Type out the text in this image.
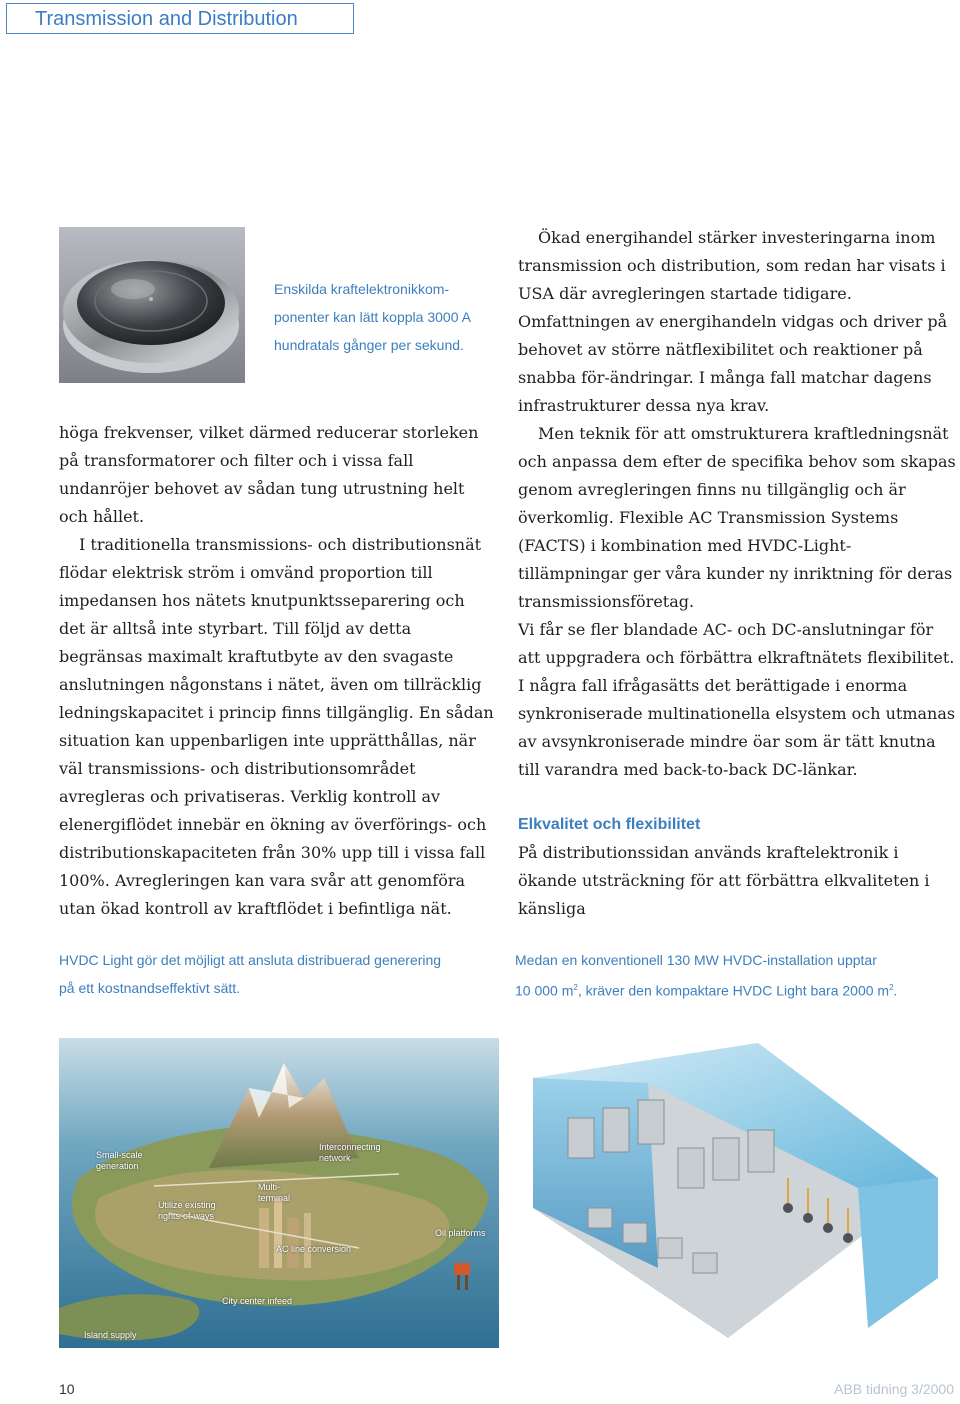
Transmission and Distribution
Enskilda kraftelektronikkom-
ponenter kan lätt koppla 3000 A
hundratals gånger per sekund.

höga frekvenser, vilket därmed reducerar storleken på transformatorer och filter och i vissa fall undanröjer behovet av sådan tung utrustning helt och hållet.

I traditionella transmissions- och distributionsnät flödar elektrisk ström i omvänd proportion till impedansen hos nätets knutpunktsseparering och det är alltså inte styrbart. Till följd av detta begränsas maximalt kraftutbyte av den svagaste anslutningen någonstans i nätet, även om tillräcklig ledningskapacitet i princip finns tillgänglig. En sådan situation kan uppenbarligen inte upprätthållas, när väl transmissions- och distributionsområdet avregleras och privatiseras. Verklig kontroll av elenergiflödet innebär en ökning av överförings- och distributionskapaciteten från 30% upp till i vissa fall 100%. Avregleringen kan vara svår att genomföra utan ökad kontroll av kraftflödet i befintliga nät.

Ökad energihandel stärker investeringarna inom transmission och distribution, som redan har visats i USA där avregleringen startade tidigare. Omfattningen av energihandeln vidgas och driver på behovet av större nätflexibilitet och reaktioner på snabba för-ändringar. I många fall matchar dagens infrastrukturer dessa nya krav.

Men teknik för att omstrukturera kraftledningsnät och anpassa dem efter de specifika behov som skapas genom avregleringen finns nu tillgänglig och är överkomlig. Flexible AC Transmission Systems (FACTS) i kombination med HVDC-Light-tillämpningar ger våra kunder ny inriktning för deras transmissionsföretag.

Vi får se fler blandade AC- och DC-anslutningar för att uppgradera och förbättra elkraftnätets flexibilitet.

I några fall ifrågasätts det berättigade i enorma synkroniserade multinationella elsystem och utmanas av avsynkroniserade mindre öar som är tätt knutna till varandra med back-to-back DC-länkar.

Elkvalitet och flexibilitet

På distributionssidan används kraftelektronik i ökande utsträckning för att förbättra elkvaliteten i känsliga

HVDC Light gör det möjligt att ansluta distribuerad generering
på ett kostnandseffektivt sätt.
Medan en konventionell 130 MW HVDC-installation upptar
10 000 $m^2$, kräver den kompaktare HVDC Light bara 2000 $m^2$.
Small-scale
generation
Interconnecting
network
Utilize existing
rights-of-ways
Multi-
terminal
Oil platforms
AC line conversion
City center infeed
Island supply
10	ABB tidning 3/2000
